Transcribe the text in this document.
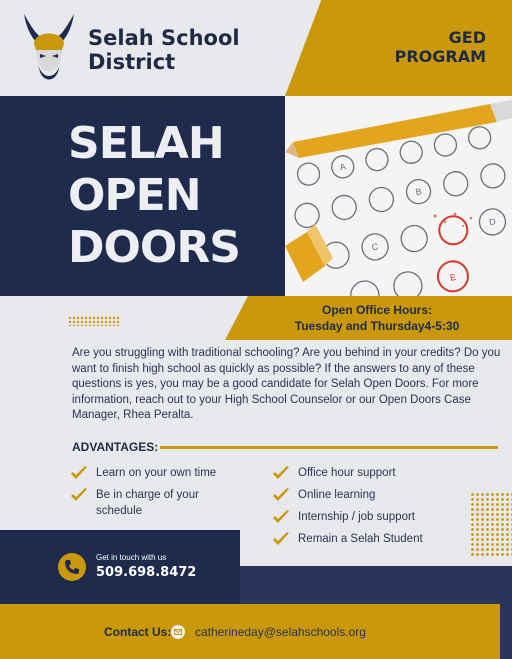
Selah School
District
GED
PROGRAM
SELAH
OPEN
DOORS
A
B
C
D
E
Open Office Hours:
Tuesday and Thursday4-5:30

Are you struggling with traditional schooling? Are you behind in your credits? Do you want to finish high school as quickly as possible? If the answers to any of these questions is yes, you may be a good candidate for Selah Open Doors. For more information, reach out to your High School Counselor or our Open Doors Case Manager, Rhea Peralta.

ADVANTAGES:
Learn on your own time
Be in charge of your schedule
Office hour support
Online learning
Internship / job support
Remain a Selah Student
Get in touch with us
509.698.8472
Contact Us: catherineday@selahschools.org
